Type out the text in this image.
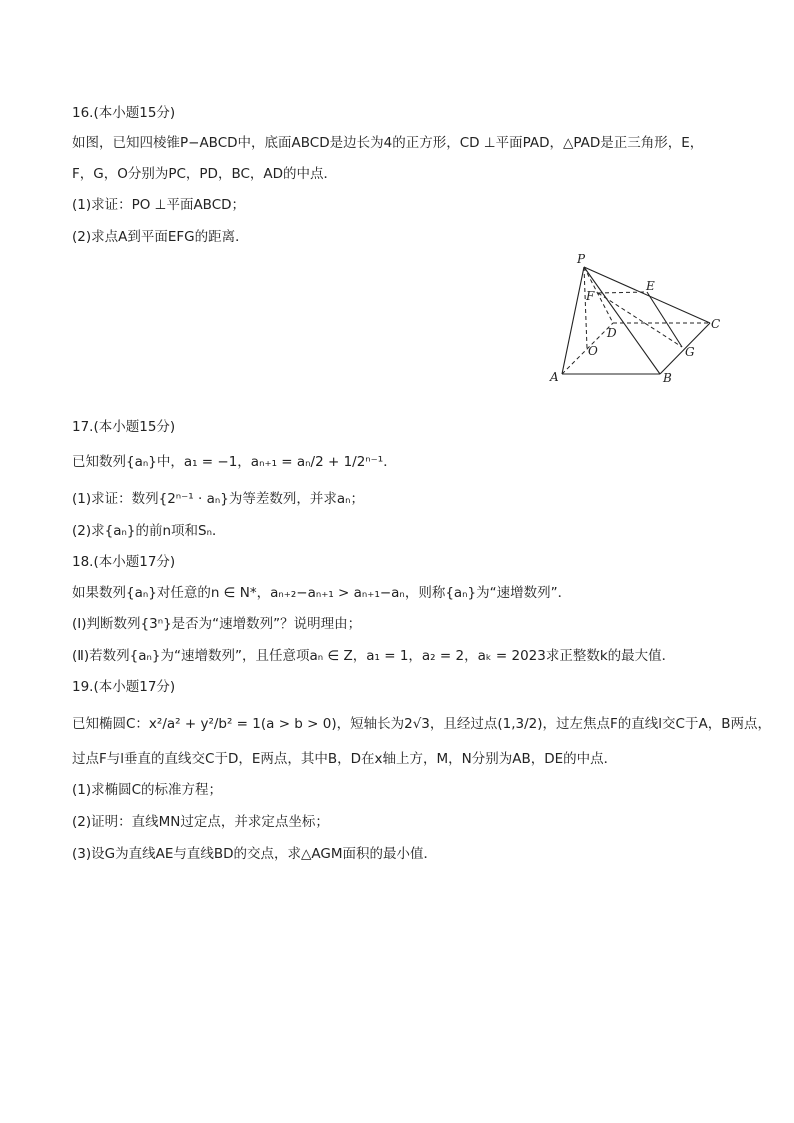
16.(本小题15分)
如图，已知四棱锥P−ABCD中，底面ABCD是边长为4的正方形，CD ⊥平面PAD，△PAD是正三角形，E，
F，G，O分别为PC，PD，BC，AD的中点．
(1)求证：PO ⊥平面ABCD；
(2)求点A到平面EFG的距离．
P
E
F
C
D
O	G
A	B
17.(本小题15分)
已知数列{aₙ}中，a₁ = −1，aₙ₊₁ = aₙ/2 + 1/2ⁿ⁻¹．
(1)求证：数列{2ⁿ⁻¹ · aₙ}为等差数列，并求aₙ；
(2)求{aₙ}的前n项和Sₙ．
18.(本小题17分)
如果数列{aₙ}对任意的n ∈ N*，aₙ₊₂−aₙ₊₁ > aₙ₊₁−aₙ，则称{aₙ}为“速增数列”．
(Ⅰ)判断数列{3ⁿ}是否为“速增数列”？说明理由；
(Ⅱ)若数列{aₙ}为“速增数列”，且任意项aₙ ∈ Z，a₁ = 1，a₂ = 2，aₖ = 2023求正整数k的最大值．
19.(本小题17分)
已知椭圆C：x²/a² + y²/b² = 1(a > b > 0)，短轴长为2√3，且经过点(1,3/2)，过左焦点F的直线l交C于A，B两点，
过点F与l垂直的直线交C于D，E两点，其中B，D在x轴上方，M，N分别为AB，DE的中点．
(1)求椭圆C的标准方程；
(2)证明：直线MN过定点，并求定点坐标；
(3)设G为直线AE与直线BD的交点，求△AGM面积的最小值．
